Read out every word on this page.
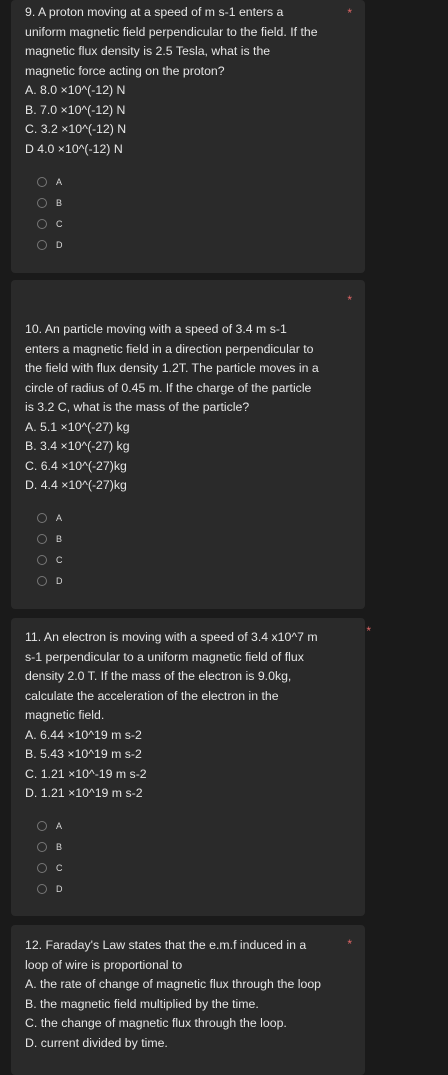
*

9. A proton moving at a speed of m s-1 enters a
uniform magnetic field perpendicular to the field. If the
magnetic flux density is 2.5 Tesla, what is the
magnetic force acting on the proton?

A. 8.0 ×10^(-12) N
B. 7.0 ×10^(-12) N
C. 3.2 ×10^(-12) N
D 4.0 ×10^(-12) N
A
B
C
D
*

10. An particle moving with a speed of 3.4 m s-1
enters a magnetic field in a direction perpendicular to
the field with flux density 1.2T. The particle moves in a
circle of radius of 0.45 m. If the charge of the particle
is 3.2 C, what is the mass of the particle?

A. 5.1 ×10^(-27) kg
B. 3.4 ×10^(-27) kg
C. 6.4 ×10^(-27)kg
D. 4.4 ×10^(-27)kg
A
B
C
D
*

11. An electron is moving with a speed of 3.4 x10^7 m
s-1 perpendicular to a uniform magnetic field of flux
density 2.0 T. If the mass of the electron is 9.0kg,
calculate the acceleration of the electron in the
magnetic field.

A. 6.44 ×10^19 m s-2
B. 5.43 ×10^19 m s-2
C. 1.21 ×10^-19 m s-2
D. 1.21 ×10^19 m s-2
A
B
C
D
*

12. Faraday's Law states that the e.m.f induced in a
loop of wire is proportional to

A. the rate of change of magnetic flux through the loop
B. the magnetic field multiplied by the time.
C. the change of magnetic flux through the loop.
D. current divided by time.
